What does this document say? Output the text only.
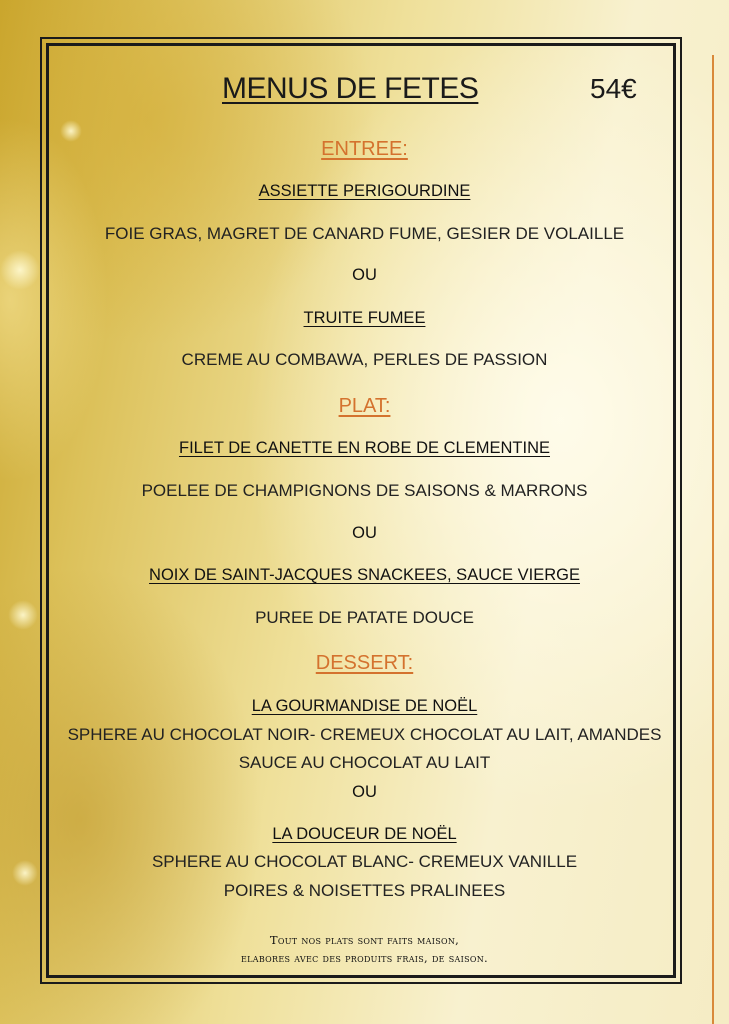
MENUS DE FETES	54€
ENTREE:
ASSIETTE PERIGOURDINE
FOIE GRAS, MAGRET DE CANARD FUME, GESIER DE VOLAILLE
OU
TRUITE FUMEE
CREME AU COMBAWA, PERLES DE PASSION
PLAT:
FILET DE CANETTE EN ROBE DE CLEMENTINE
POELEE DE CHAMPIGNONS DE SAISONS & MARRONS
OU
NOIX DE SAINT-JACQUES SNACKEES, SAUCE VIERGE
PUREE DE PATATE DOUCE
DESSERT:
LA GOURMANDISE DE NOËL
SPHERE AU CHOCOLAT NOIR- CREMEUX CHOCOLAT AU LAIT, AMANDES
SAUCE AU CHOCOLAT AU LAIT
OU
LA DOUCEUR DE NOËL
SPHERE AU CHOCOLAT BLANC- CREMEUX VANILLE
POIRES & NOISETTES PRALINEES
Tout nos plats sont faits maison,
elabores avec des produits frais, de saison.
